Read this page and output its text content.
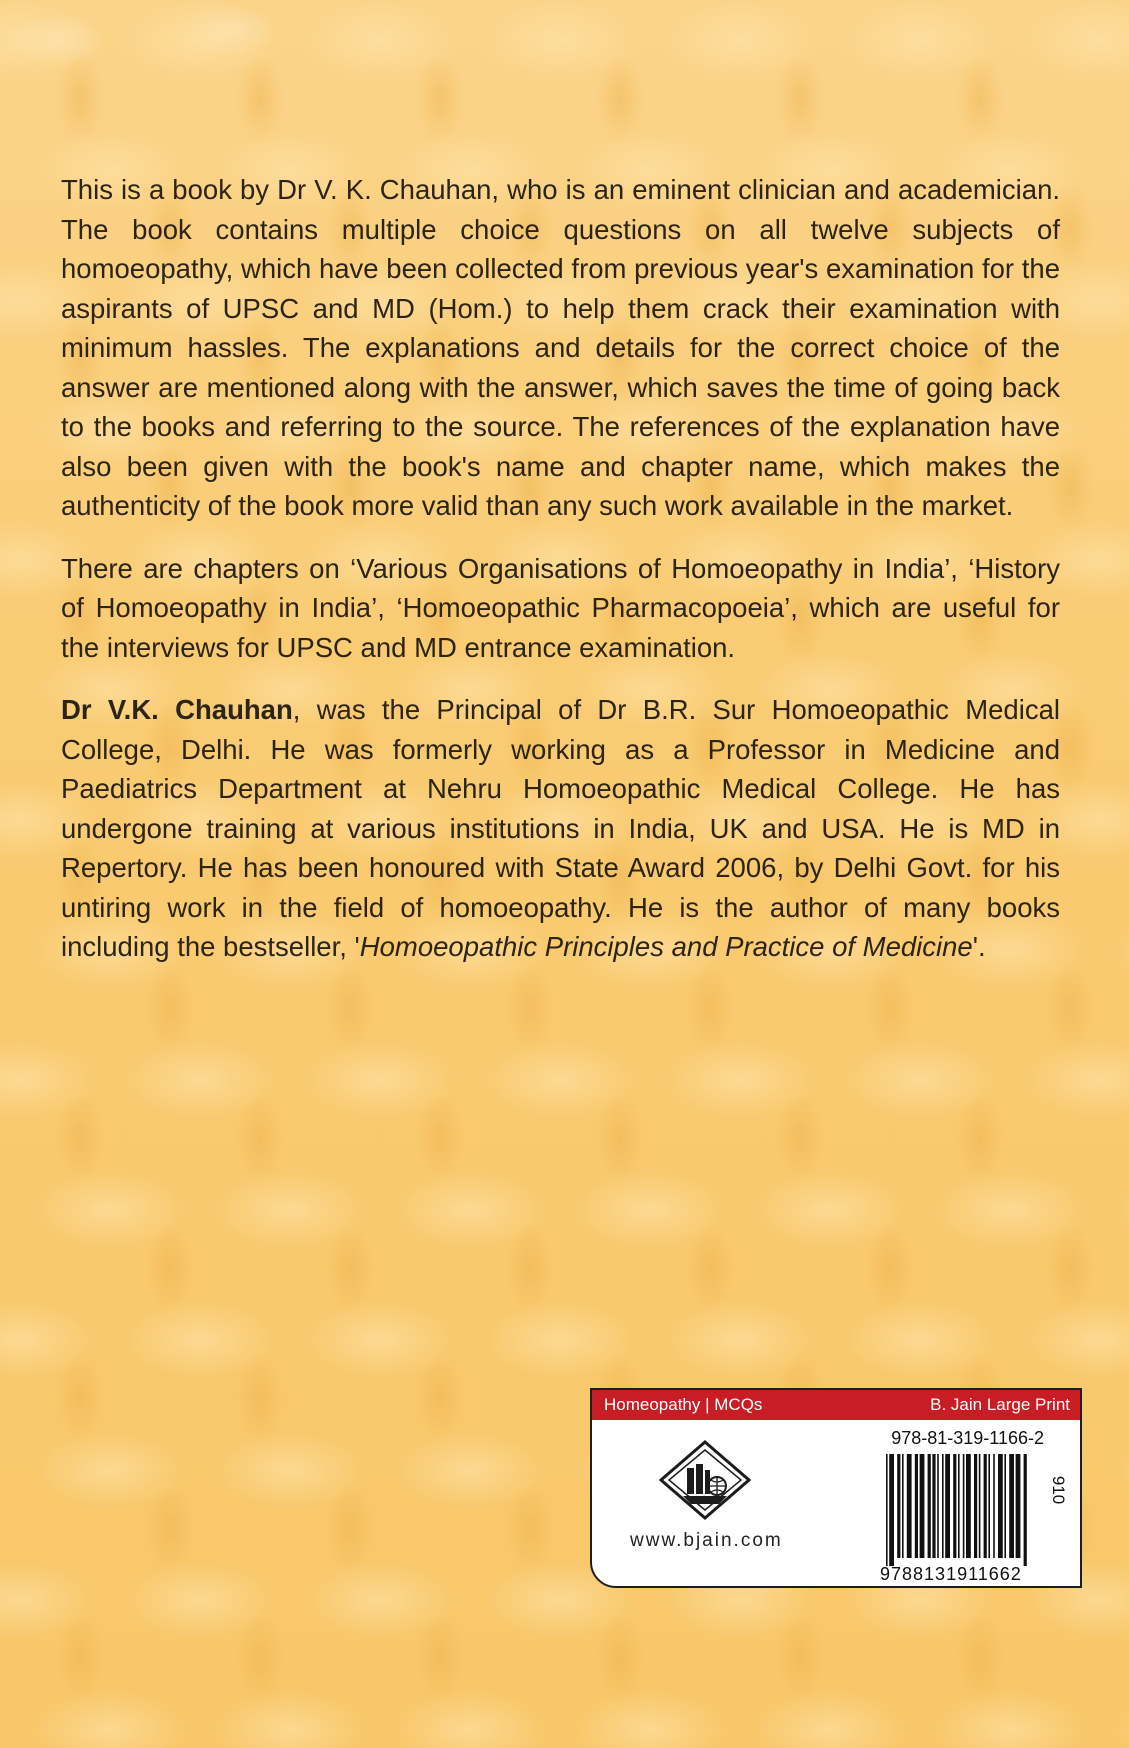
This is a book by Dr V. K. Chauhan, who is an eminent clinician and academician. The book contains multiple choice questions on all twelve subjects of homoeopathy, which have been collected from previous year's examination for the aspirants of UPSC and MD (Hom.) to help them crack their examination with minimum hassles. The explanations and details for the correct choice of the answer are mentioned along with the answer, which saves the time of going back to the books and referring to the source. The references of the explanation have also been given with the book's name and chapter name, which makes the authenticity of the book more valid than any such work available in the market.

There are chapters on ‘Various Organisations of Homoeopathy in India’, ‘History of Homoeopathy in India’, ‘Homoeopathic Pharmacopoeia’, which are useful for the interviews for UPSC and MD entrance examination.

Dr V.K. Chauhan, was the Principal of Dr B.R. Sur Homoeopathic Medical College, Delhi. He was formerly working as a Professor in Medicine and Paediatrics Department at Nehru Homoeopathic Medical College. He has undergone training at various institutions in India, UK and USA. He is MD in Repertory. He has been honoured with State Award 2006, by Delhi Govt. for his untiring work in the field of homoeopathy. He is the author of many books including the bestseller, 'Homoeopathic Principles and Practice of Medicine'.

Homeopathy | MCQs	B. Jain Large Print
www.bjain.com
978-81-319-1166-2
9788131911662
910
